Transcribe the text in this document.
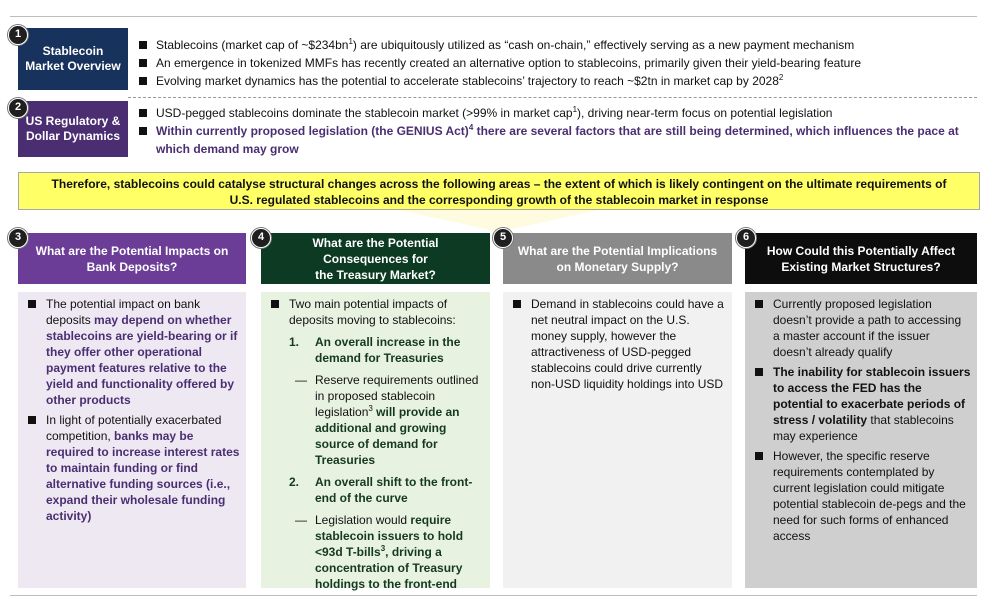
1
Stablecoin Market Overview
Stablecoins (market cap of $\sim\$234bn^1$) are ubiquitously utilized as “cash on-chain,” effectively serving as a new payment mechanism
An emergence in tokenized MMFs has recently created an alternative option to stablecoins, primarily given their yield-bearing feature
Evolving market dynamics has the potential to accelerate stablecoins’ trajectory to reach ~$2tn in market cap by 2028$^2$
2
US Regulatory & Dollar Dynamics
USD-pegged stablecoins dominate the stablecoin market (>99% in market cap$^1$), driving near-term focus on potential legislation
Within currently proposed legislation (the GENIUS Act)$^4$ there are several factors that are still being determined, which influences the pace at which demand may grow
Therefore, stablecoins could catalyse structural changes across the following areas – the extent of which is likely contingent on the ultimate requirements of U.S. regulated stablecoins and the corresponding growth of the stablecoin market in response
What are the Potential Impacts on Bank Deposits?
3
The potential impact on bank deposits may depend on whether stablecoins are yield-bearing or if they offer other operational payment features relative to the yield and functionality offered by other products
In light of potentially exacerbated competition, banks may be required to increase interest rates to maintain funding or find alternative funding sources (i.e., expand their wholesale funding activity)
What are the Potential Consequences for
the Treasury Market?
4
Two main potential impacts of deposits moving to stablecoins:
1. An overall increase in the demand for Treasuries
— Reserve requirements outlined in proposed stablecoin legislation$^3$ will provide an additional and growing source of demand for Treasuries
2. An overall shift to the front-end of the curve
— Legislation would require stablecoin issuers to hold <93d T-bills$^3$, driving a concentration of Treasury holdings to the front-end
What are the Potential Implications on Monetary Supply?
5
Demand in stablecoins could have a net neutral impact on the U.S. money supply, however the attractiveness of USD-pegged stablecoins could drive currently non-USD liquidity holdings into USD
How Could this Potentially Affect Existing Market Structures?
6
Currently proposed legislation doesn’t provide a path to accessing a master account if the issuer doesn’t already qualify
The inability for stablecoin issuers to access the FED has the potential to exacerbate periods of stress / volatility that stablecoins may experience
However, the specific reserve requirements contemplated by current legislation could mitigate potential stablecoin de-pegs and the need for such forms of enhanced access
